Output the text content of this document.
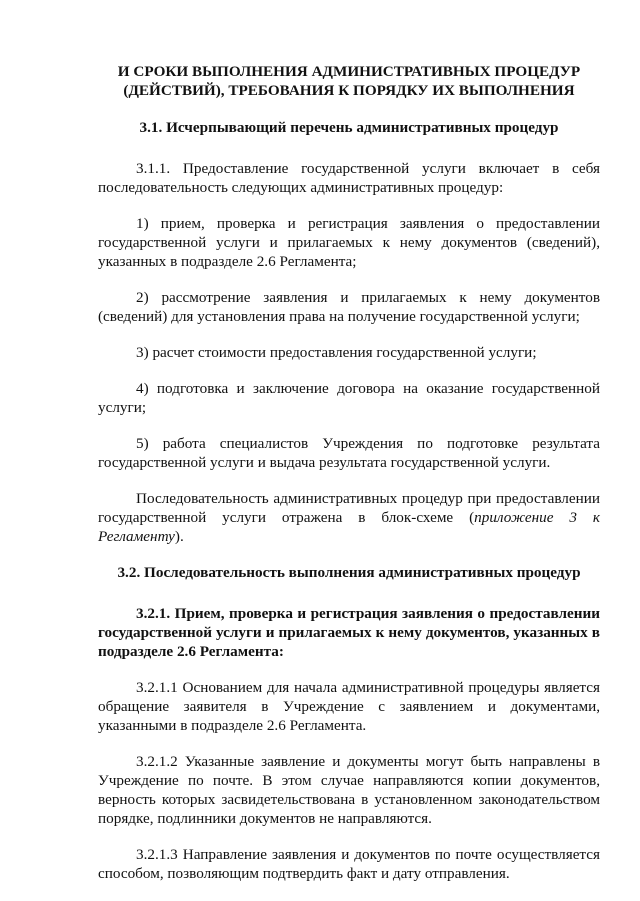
И СРОКИ ВЫПОЛНЕНИЯ АДМИНИСТРАТИВНЫХ ПРОЦЕДУР
(ДЕЙСТВИЙ), ТРЕБОВАНИЯ К ПОРЯДКУ ИХ ВЫПОЛНЕНИЯ

3.1. Исчерпывающий перечень административных процедур

3.1.1. Предоставление государственной услуги включает в себя последовательность следующих административных процедур:

1) прием, проверка и регистрация заявления о предоставлении государственной услуги и прилагаемых к нему документов (сведений), указанных в подразделе 2.6 Регламента;

2) рассмотрение заявления и прилагаемых к нему документов (сведений) для установления права на получение государственной услуги;

3) расчет стоимости предоставления государственной услуги;

4) подготовка и заключение договора на оказание государственной услуги;

5) работа специалистов Учреждения по подготовке результата государственной услуги и выдача результата государственной услуги.

Последовательность административных процедур при предоставлении государственной услуги отражена в блок-схеме (приложение 3 к Регламенту).

3.2. Последовательность выполнения административных процедур

3.2.1. Прием, проверка и регистрация заявления о предоставлении государственной услуги и прилагаемых к нему документов, указанных в подразделе 2.6 Регламента:

3.2.1.1 Основанием для начала административной процедуры является обращение заявителя в Учреждение с заявлением и документами, указанными в подразделе 2.6 Регламента.

3.2.1.2 Указанные заявление и документы могут быть направлены в Учреждение по почте. В этом случае направляются копии документов, верность которых засвидетельствована в установленном законодательством порядке, подлинники документов не направляются.

3.2.1.3 Направление заявления и документов по почте осуществляется способом, позволяющим подтвердить факт и дату отправления.
